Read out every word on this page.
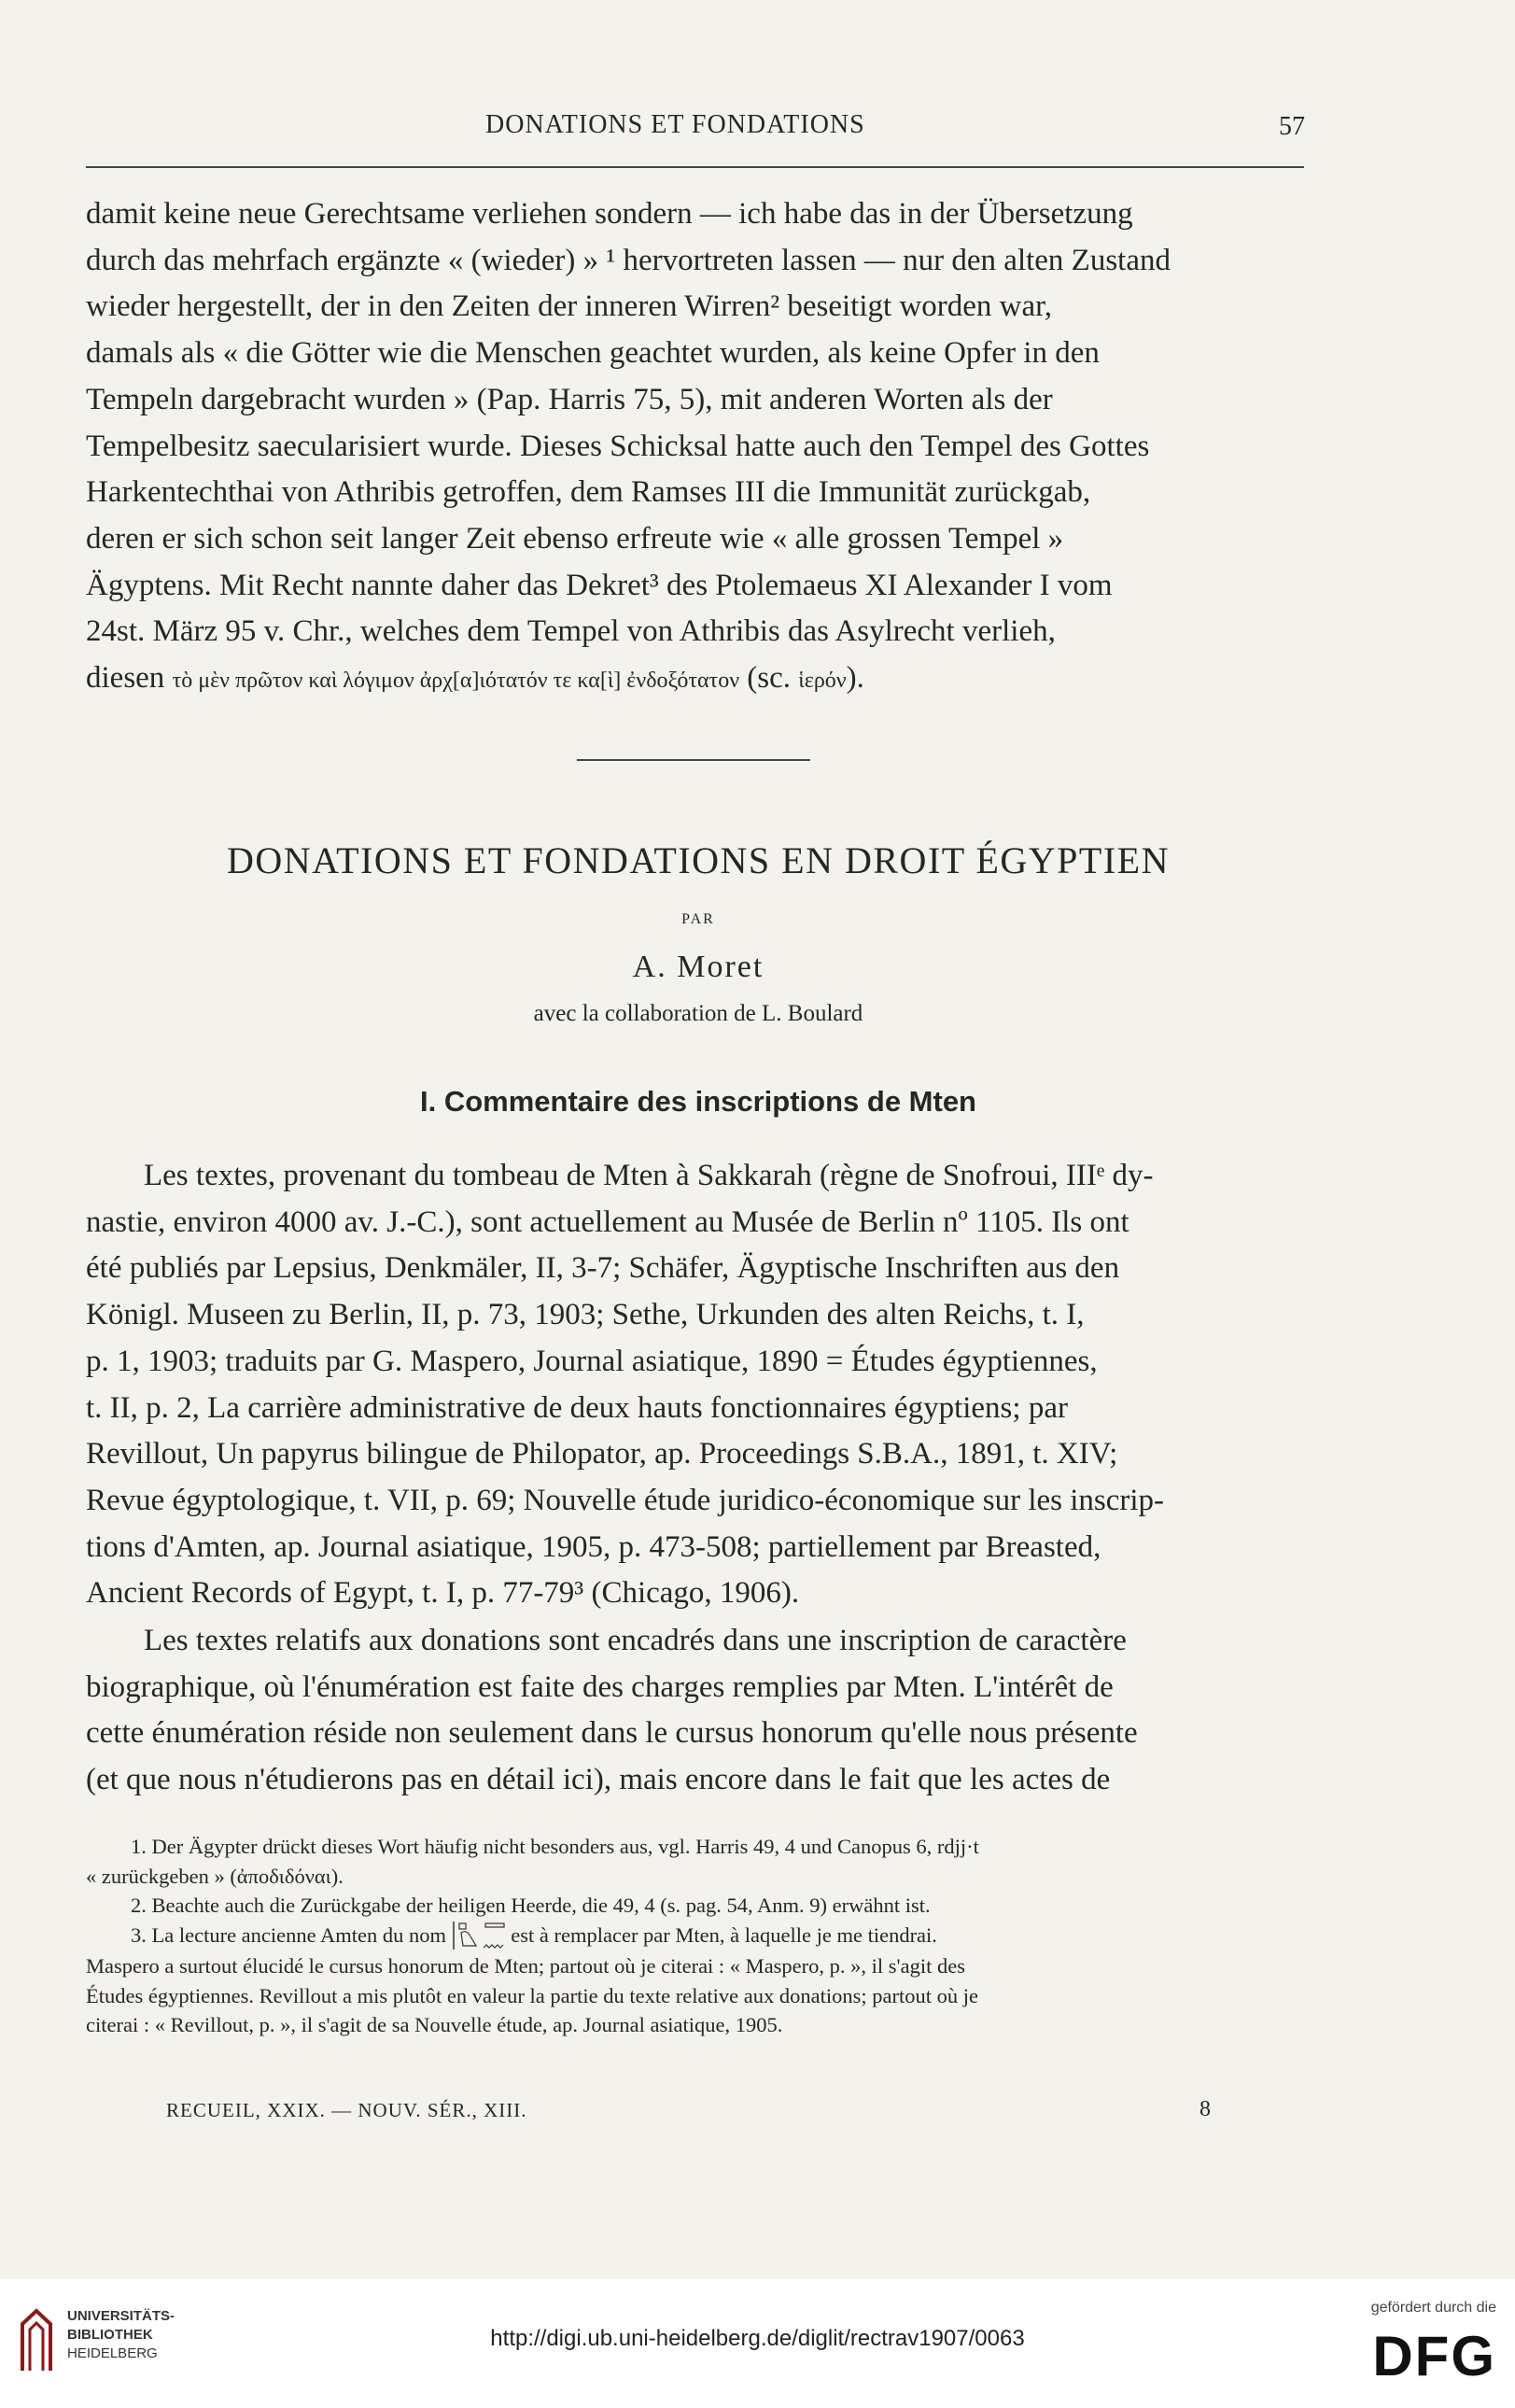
DONATIONS ET FONDATIONS	57

damit keine neue Gerechtsame verliehen sondern — ich habe das in der Übersetzung

durch das mehrfach ergänzte « (wieder) » ¹ hervortreten lassen — nur den alten Zustand

wieder hergestellt, der in den Zeiten der inneren Wirren² beseitigt worden war,

damals als « die Götter wie die Menschen geachtet wurden, als keine Opfer in den

Tempeln dargebracht wurden » (Pap. Harris 75, 5), mit anderen Worten als der

Tempelbesitz saecularisiert wurde. Dieses Schicksal hatte auch den Tempel des Gottes

Harkentechthai von Athribis getroffen, dem Ramses III die Immunität zurückgab,

deren er sich schon seit langer Zeit ebenso erfreute wie « alle grossen Tempel »

Ägyptens. Mit Recht nannte daher das Dekret³ des Ptolemaeus XI Alexander I vom

24st. März 95 v. Chr., welches dem Tempel von Athribis das Asylrecht verlieh,

diesen τὸ μὲν πρῶτον καὶ λόγιμον ἀρχ[α]ιότατόν τε κα[ὶ] ἐνδοξότατον (sc. ἱερόν).

DONATIONS ET FONDATIONS EN DROIT ÉGYPTIEN
PAR
A. Moret
avec la collaboration de L. Boulard
I. Commentaire des inscriptions de Mten

Les textes, provenant du tombeau de Mten à Sakkarah (règne de Snofroui, IIIᵉ dy-

nastie, environ 4000 av. J.-C.), sont actuellement au Musée de Berlin nº 1105. Ils ont

été publiés par Lepsius, Denkmäler, II, 3-7; Schäfer, Ägyptische Inschriften aus den

Königl. Museen zu Berlin, II, p. 73, 1903; Sethe, Urkunden des alten Reichs, t. I,

p. 1, 1903; traduits par G. Maspero, Journal asiatique, 1890 = Études égyptiennes,

t. II, p. 2, La carrière administrative de deux hauts fonctionnaires égyptiens; par

Revillout, Un papyrus bilingue de Philopator, ap. Proceedings S.B.A., 1891, t. XIV;

Revue égyptologique, t. VII, p. 69; Nouvelle étude juridico-économique sur les inscrip-

tions d'Amten, ap. Journal asiatique, 1905, p. 473-508; partiellement par Breasted,

Ancient Records of Egypt, t. I, p. 77-79³ (Chicago, 1906).

Les textes relatifs aux donations sont encadrés dans une inscription de caractère

biographique, où l'énumération est faite des charges remplies par Mten. L'intérêt de

cette énumération réside non seulement dans le cursus honorum qu'elle nous présente

(et que nous n'étudierons pas en détail ici), mais encore dans le fait que les actes de

1. Der Ägypter drückt dieses Wort häufig nicht besonders aus, vgl. Harris 49, 4 und Canopus 6, rdjj·t

« zurückgeben » (ἀποδιδόναι).

2. Beachte auch die Zurückgabe der heiligen Heerde, die 49, 4 (s. pag. 54, Anm. 9) erwähnt ist.

3. La lecture ancienne Amten du nom	est à remplacer par Mten, à laquelle je me tiendrai.

Maspero a surtout élucidé le cursus honorum de Mten; partout où je citerai : « Maspero, p. », il s'agit des

Études égyptiennes. Revillout a mis plutôt en valeur la partie du texte relative aux donations; partout où je

citerai : « Revillout, p. », il s'agit de sa Nouvelle étude, ap. Journal asiatique, 1905.

RECUEIL, XXIX. — NOUV. SÉR., XIII.	8
UNIVERSITÄTS-
BIBLIOTHEK
HEIDELBERG
http://digi.ub.uni-heidelberg.de/diglit/rectrav1907/0063
gefördert durch die
DFG
